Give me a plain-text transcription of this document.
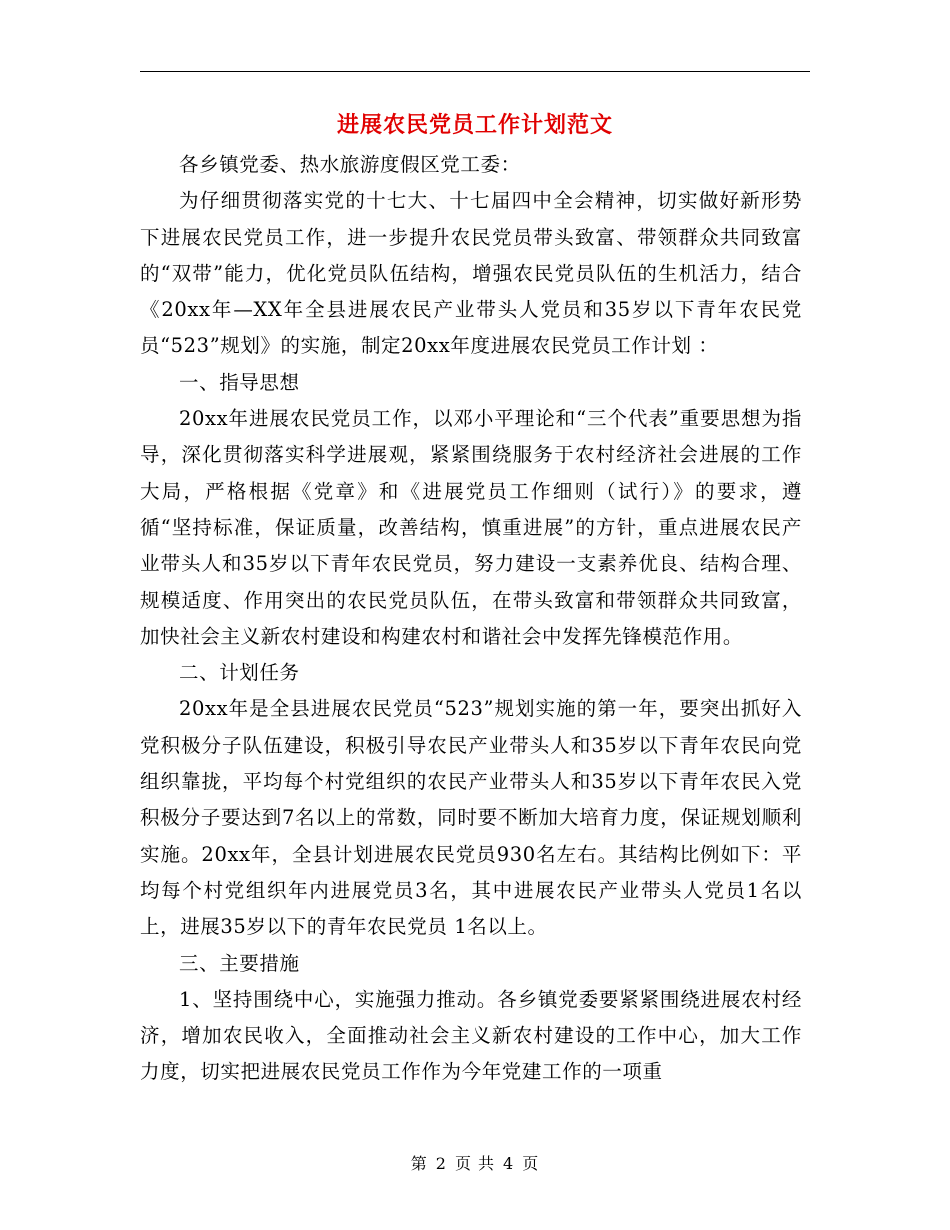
进展农民党员工作计划范文

各乡镇党委、热水旅游度假区党工委：

为仔细贯彻落实党的十七大、十七届四中全会精神，切实做好新形势下进展农民党员工作，进一步提升农民党员带头致富、带领群众共同致富的“双带”能力，优化党员队伍结构，增强农民党员队伍的生机活力，结合《20xx年—XX年全县进展农民产业带头人党员和35岁以下青年农民党员“523”规划》的实施，制定20xx年度进展农民党员工作计划 ：

一、指导思想

20xx年进展农民党员工作，以邓小平理论和“三个代表”重要思想为指导，深化贯彻落实科学进展观，紧紧围绕服务于农村经济社会进展的工作大局，严格根据《党章》和《进展党员工作细则（试行）》的要求，遵循“坚持标准，保证质量，改善结构，慎重进展”的方针，重点进展农民产业带头人和35岁以下青年农民党员，努力建设一支素养优良、结构合理、规模适度、作用突出的农民党员队伍，在带头致富和带领群众共同致富，加快社会主义新农村建设和构建农村和谐社会中发挥先锋模范作用。

二、计划任务

20xx年是全县进展农民党员“523”规划实施的第一年，要突出抓好入党积极分子队伍建设，积极引导农民产业带头人和35岁以下青年农民向党组织靠拢，平均每个村党组织的农民产业带头人和35岁以下青年农民入党积极分子要达到7名以上的常数，同时要不断加大培育力度，保证规划顺利实施。20xx年，全县计划进展农民党员930名左右。其结构比例如下：平均每个村党组织年内进展党员3名，其中进展农民产业带头人党员1名以上，进展35岁以下的青年农民党员 1名以上。

三、主要措施

1、坚持围绕中心，实施强力推动。各乡镇党委要紧紧围绕进展农村经济，增加农民收入，全面推动社会主义新农村建设的工作中心，加大工作力度，切实把进展农民党员工作作为今年党建工作的一项重

第 2 页 共 4 页
